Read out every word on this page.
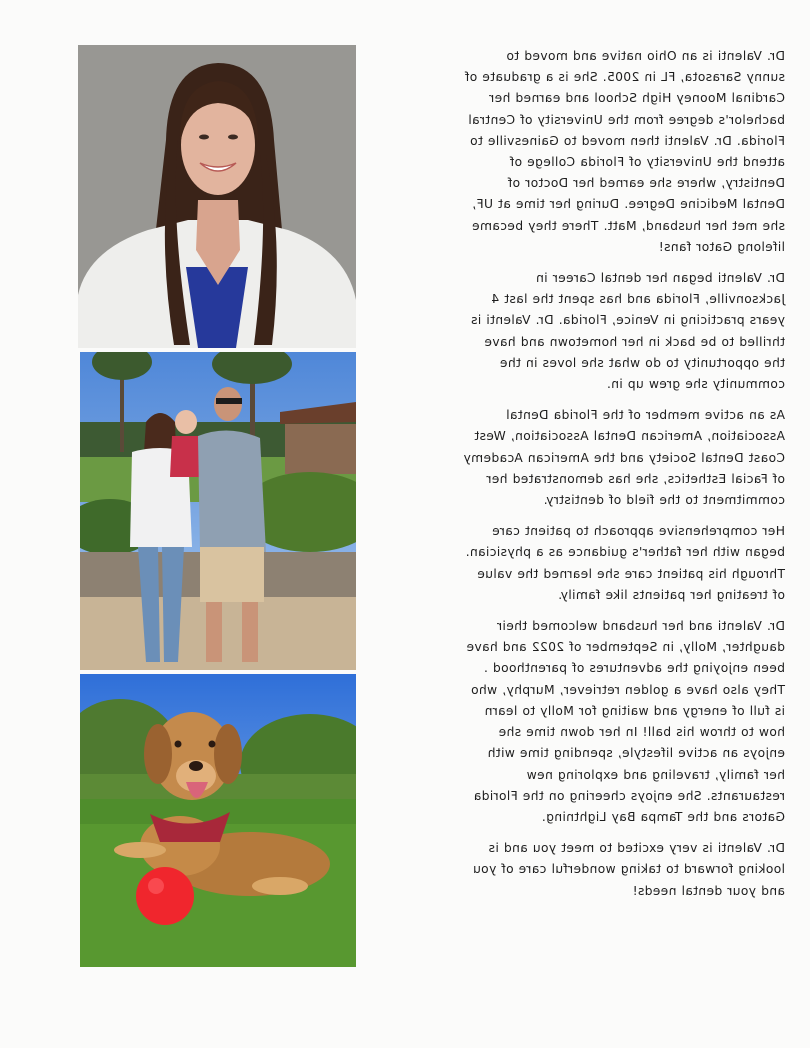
Dr. Valenti is an Ohio native and moved to sunny Sarasota, FL in 2005. She is a graduate of Cardinal Mooney High School and earned her bachelor's degree from the University of Central Florida. Dr. Valenti then moved to Gainesville to attend the University of Florida College of Dentistry, where she earned her Doctor of Dental Medicine Degree. During her time at UF, she met her husband, Matt. There they became lifelong Gator fans!

Dr. Valenti began her dental Career in Jacksonville, Florida and has spent the last 4 years practicing in Venice, Florida. Dr. Valenti is thrilled to be back in her hometown and have the opportunity to do what she loves in the community she grew up in.

As an active member of the Florida Dental Association, American Dental Association, West Coast Dental Society and the American Academy of Facial Esthetics, she has demonstrated her commitment to the field of dentistry.

Her comprehensive approach to patient care began with her father's guidance as a physician. Through his patient care she learned the value of treating her patients like family.

Dr. Valenti and her husband welcomed their daughter, Molly, in September of 2022 and have been enjoying the adventures of parenthood . They also have a golden retriever, Murphy, who is full of energy and waiting for Molly to learn how to throw his ball! In her down time she enjoys an active lifestyle, spending time with her family, traveling and exploring new restaurants. She enjoys cheering on the Florida Gators and the Tampa Bay Lightning.

Dr. Valenti is very excited to meet you and is looking forward to taking wonderful care of you and your dental needs!
